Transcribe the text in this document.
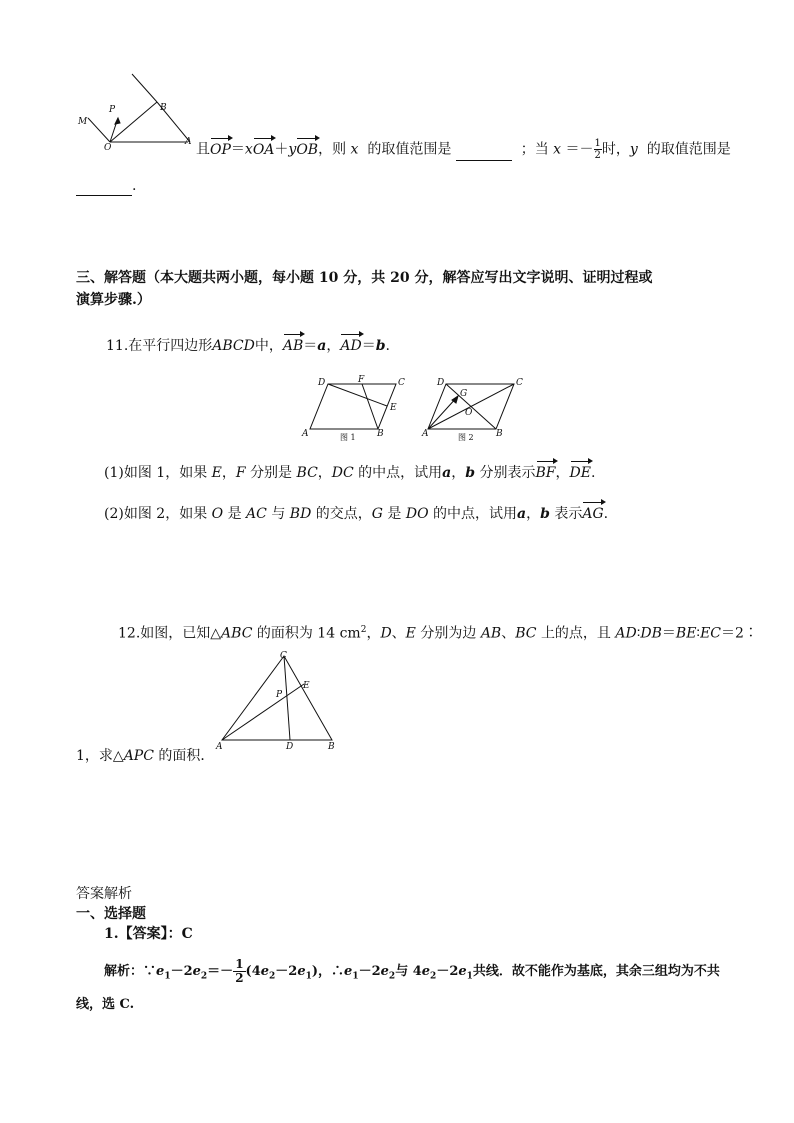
M
P	B
O
A 且OP＝xOA＋yOB，则 x 的取值范围是	；当 $x =- \frac{1}{2}$ 时，y 的取值范围是
.
三、解答题（本大题共两小题，每小题 10 分，共 20 分，解答应写出文字说明、证明过程或
演算步骤.）
11.在平行四边形ABCD中，AB＝a，AD＝b.
D	F	C
E
A	B
图 1
D
G
C
O
A	B
图 2
(1)如图 1，如果 E，F 分别是 BC，DC 的中点，试用a，b 分别表示BF，DE.
(2)如图 2，如果 O 是 AC 与 BD 的交点，G 是 DO 的中点，试用a，b 表示AG.
12.如图，已知△ABC 的面积为 14 $cm^2$，D、E 分别为边 AB、BC 上的点，且 AD∶DB＝BE∶EC＝2∶
C
E
P
A	D	B
1，求△APC 的面积．
答案解析
一、选择题
1.【答案】：C
解析：$\because e_1-2e_2=- \frac{1}{2} (4e_2-2e_1)$，$\therefore e_1-2e_2$与 $4e_2-2e_1$共线．故不能作为基底，其余三组均为不共
线，选 C.
